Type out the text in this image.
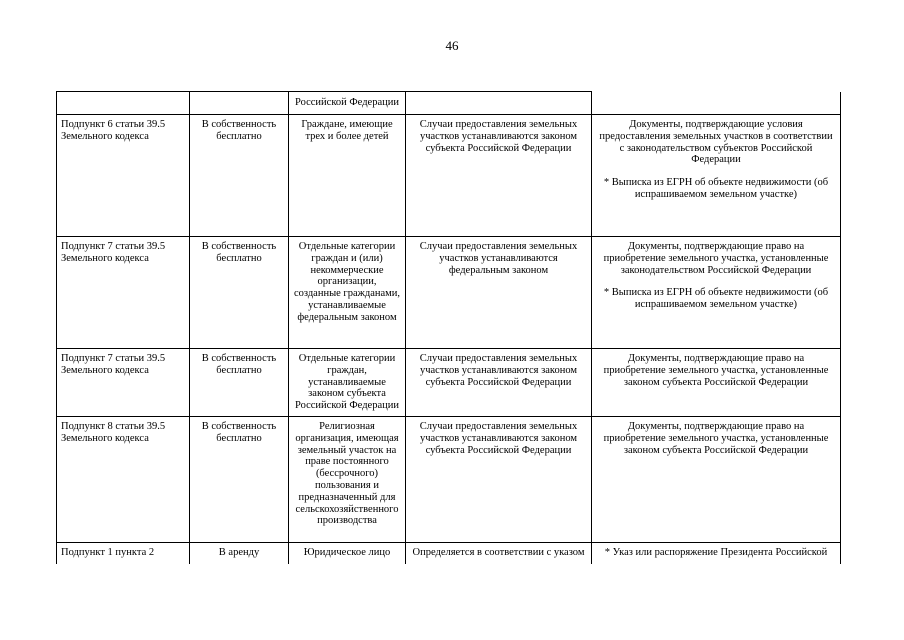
46
		Российской Федерации		
Подпункт 6 статьи 39.5 Земельного кодекса	В собственность бесплатно	Граждане, имеющие трех и более детей	Случаи предоставления земельных участков устанавливаются законом субъекта Российской Федерации	Документы, подтверждающие условия предоставления земельных участков в соответствии с законодательством субъектов Российской Федерации
* Выписка из ЕГРН об объекте недвижимости (об испрашиваемом земельном участке)

Подпункт 7 статьи 39.5 Земельного кодекса	В собственность бесплатно	Отдельные категории граждан и (или) некоммерческие организации, созданные гражданами, устанавливаемые федеральным законом	Случаи предоставления земельных участков устанавливаются федеральным законом	Документы, подтверждающие право на приобретение земельного участка, установленные законодательством Российской Федерации
* Выписка из ЕГРН об объекте недвижимости (об испрашиваемом земельном участке)

Подпункт 7 статьи 39.5 Земельного кодекса	В собственность бесплатно	Отдельные категории граждан, устанавливаемые законом субъекта Российской Федерации	Случаи предоставления земельных участков устанавливаются законом субъекта Российской Федерации	Документы, подтверждающие право на приобретение земельного участка, установленные законом субъекта Российской Федерации
Подпункт 8 статьи 39.5 Земельного кодекса	В собственность бесплатно	Религиозная организация, имеющая земельный участок на праве постоянного (бессрочного) пользования и предназначенный для сельскохозяйственного производства	Случаи предоставления земельных участков устанавливаются законом субъекта Российской Федерации	Документы, подтверждающие право на приобретение земельного участка, установленные законом субъекта Российской Федерации
Подпункт 1 пункта 2	В аренду	Юридическое лицо	Определяется в соответствии с указом	* Указ или распоряжение Президента Российской
